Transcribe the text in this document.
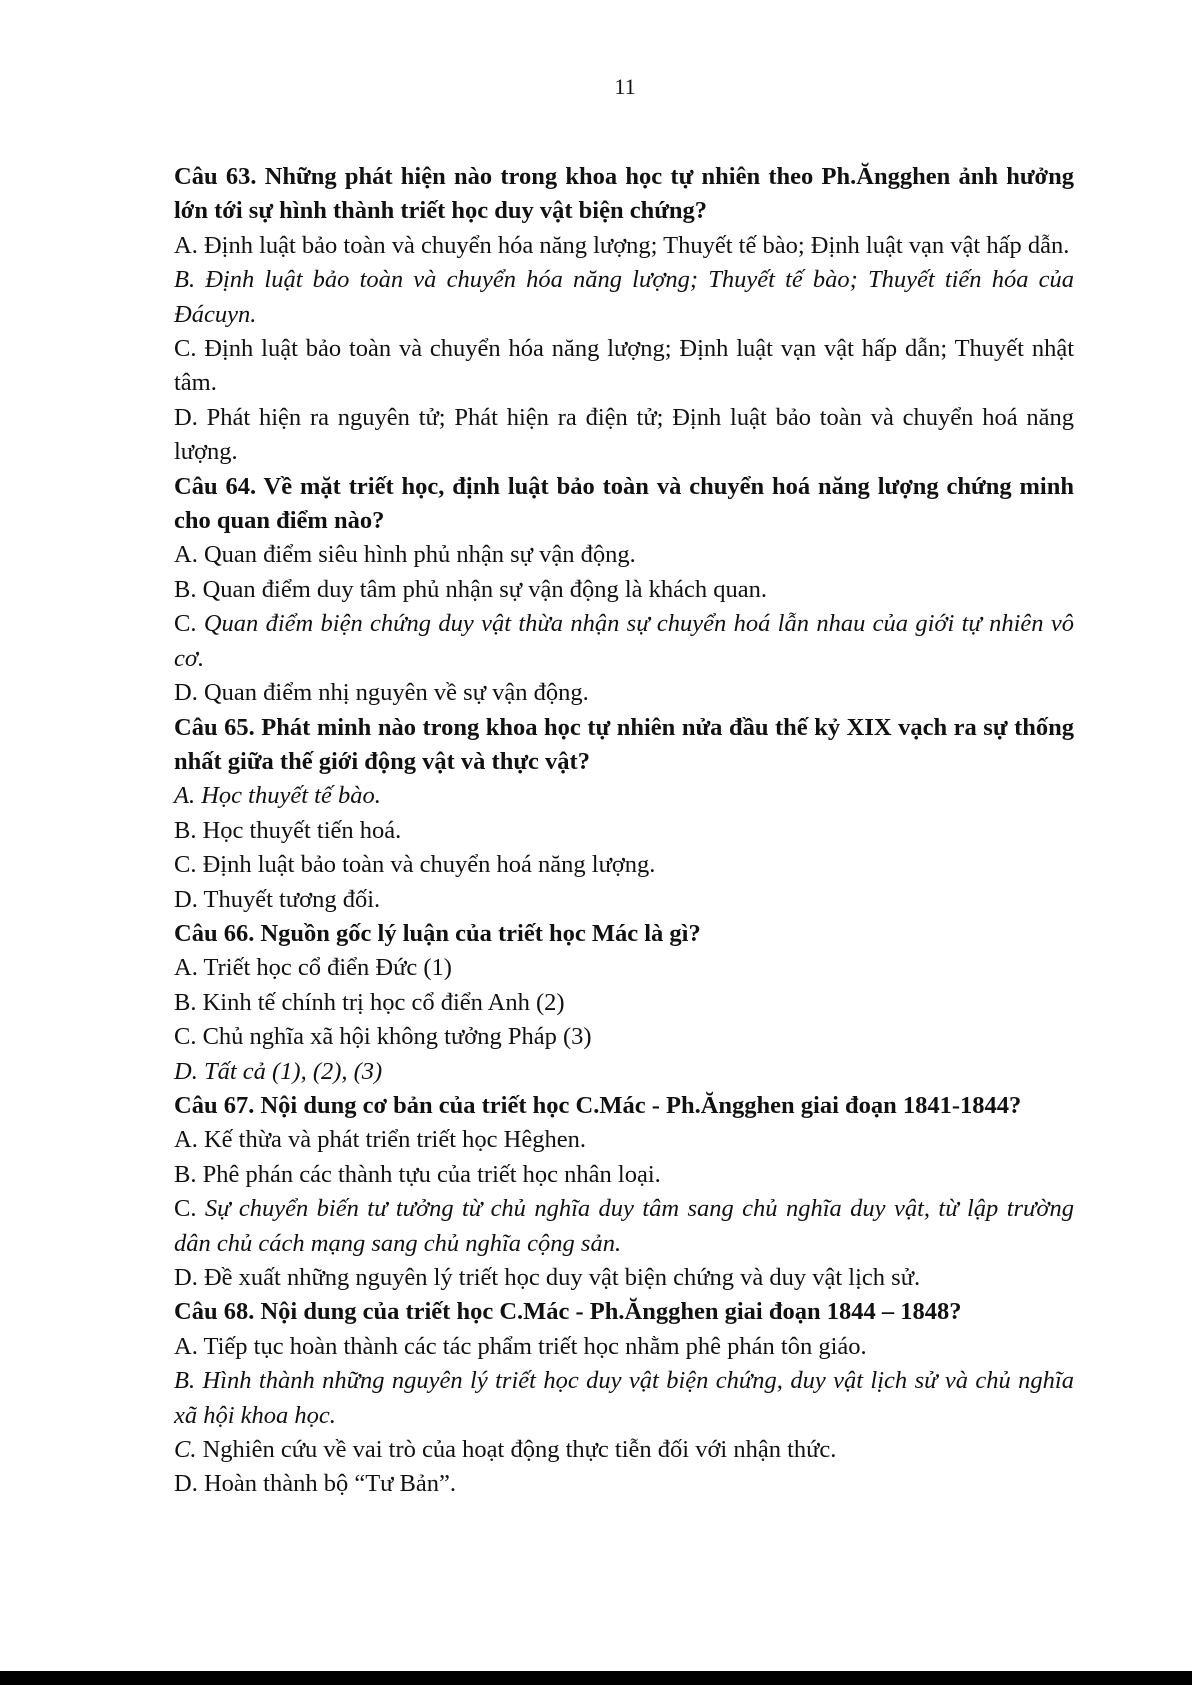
11

Câu 63. Những phát hiện nào trong khoa học tự nhiên theo Ph.Ăngghen ảnh hưởng lớn tới sự hình thành triết học duy vật biện chứng?

A. Định luật bảo toàn và chuyển hóa năng lượng; Thuyết tế bào; Định luật vạn vật hấp dẫn.

B. Định luật bảo toàn và chuyển hóa năng lượng; Thuyết tế bào; Thuyết tiến hóa của Đácuyn.

C. Định luật bảo toàn và chuyển hóa năng lượng; Định luật vạn vật hấp dẫn; Thuyết nhật tâm.

D. Phát hiện ra nguyên tử; Phát hiện ra điện tử; Định luật bảo toàn và chuyển hoá năng lượng.

Câu 64. Về mặt triết học, định luật bảo toàn và chuyển hoá năng lượng chứng minh cho quan điểm nào?

A. Quan điểm siêu hình phủ nhận sự vận động.

B. Quan điểm duy tâm phủ nhận sự vận động là khách quan.

C. Quan điểm biện chứng duy vật thừa nhận sự chuyển hoá lẫn nhau của giới tự nhiên vô cơ.

D. Quan điểm nhị nguyên về sự vận động.

Câu 65. Phát minh nào trong khoa học tự nhiên nửa đầu thế kỷ XIX vạch ra sự thống nhất giữa thế giới động vật và thực vật?

A. Học thuyết tế bào.

B. Học thuyết tiến hoá.

C. Định luật bảo toàn và chuyển hoá năng lượng.

D. Thuyết tương đối.

Câu 66. Nguồn gốc lý luận của triết học Mác là gì?

A. Triết học cổ điển Đức (1)

B. Kinh tế chính trị học cổ điển Anh (2)

C. Chủ nghĩa xã hội không tưởng Pháp (3)

D. Tất cả (1), (2), (3)

Câu 67. Nội dung cơ bản của triết học C.Mác - Ph.Ăngghen giai đoạn 1841-1844?

A. Kế thừa và phát triển triết học Hêghen.

B. Phê phán các thành tựu của triết học nhân loại.

C. Sự chuyển biến tư tưởng từ chủ nghĩa duy tâm sang chủ nghĩa duy vật, từ lập trường dân chủ cách mạng sang chủ nghĩa cộng sản.

D. Đề xuất những nguyên lý triết học duy vật biện chứng và duy vật lịch sử.

Câu 68. Nội dung của triết học C.Mác - Ph.Ăngghen giai đoạn 1844 – 1848?

A. Tiếp tục hoàn thành các tác phẩm triết học nhằm phê phán tôn giáo.

B. Hình thành những nguyên lý triết học duy vật biện chứng, duy vật lịch sử và chủ nghĩa xã hội khoa học.

C. Nghiên cứu về vai trò của hoạt động thực tiễn đối với nhận thức.

D. Hoàn thành bộ “Tư Bản”.
